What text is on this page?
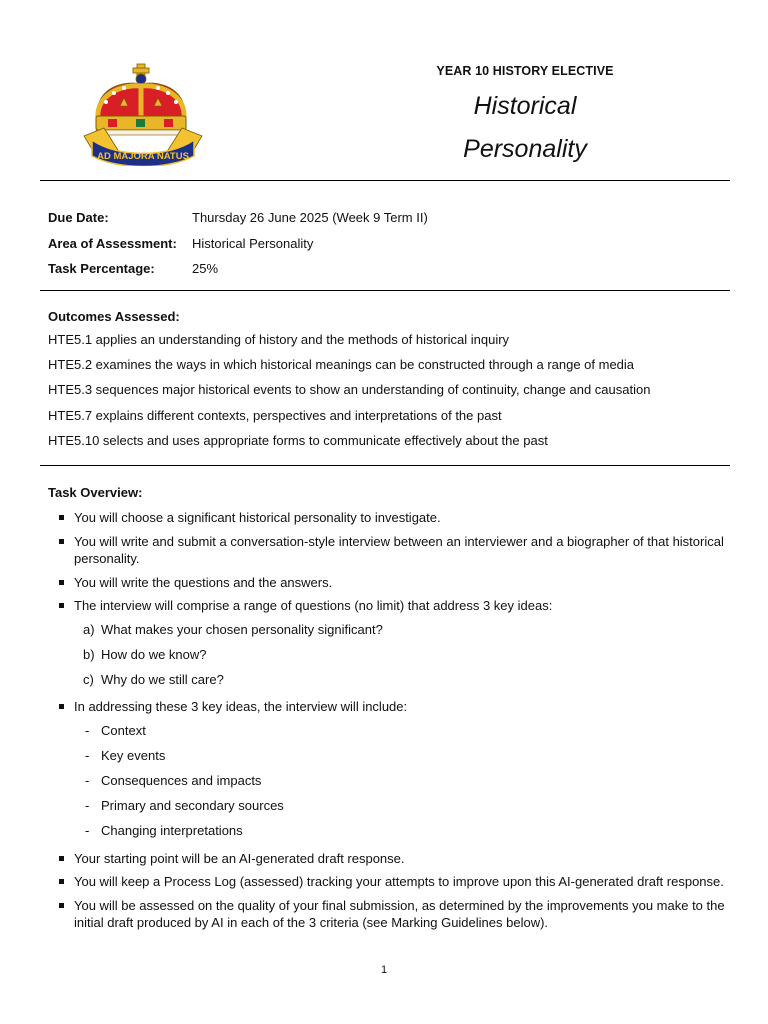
AD MAJORA NATUS
YEAR 10 HISTORY ELECTIVE
Historical
Personality
Due Date:	Thursday 26 June 2025 (Week 9 Term II)
Area of Assessment:	Historical Personality
Task Percentage:	25%
Outcomes Assessed:
HTE5.1 applies an understanding of history and the methods of historical inquiry
HTE5.2 examines the ways in which historical meanings can be constructed through a range of media
HTE5.3 sequences major historical events to show an understanding of continuity, change and causation
HTE5.7 explains different contexts, perspectives and interpretations of the past
HTE5.10 selects and uses appropriate forms to communicate effectively about the past
Task Overview:
You will choose a significant historical personality to investigate.
You will write and submit a conversation-style interview between an interviewer and a biographer of that historical personality.
You will write the questions and the answers.
The interview will comprise a range of questions (no limit) that address 3 key ideas:
a) What makes your chosen personality significant?
b) How do we know?
c) Why do we still care?
In addressing these 3 key ideas, the interview will include:
- Context
- Key events
- Consequences and impacts
- Primary and secondary sources
- Changing interpretations
Your starting point will be an AI-generated draft response.
You will keep a Process Log (assessed) tracking your attempts to improve upon this AI-generated draft response.
You will be assessed on the quality of your final submission, as determined by the improvements you make to the initial draft produced by AI in each of the 3 criteria (see Marking Guidelines below).
1
